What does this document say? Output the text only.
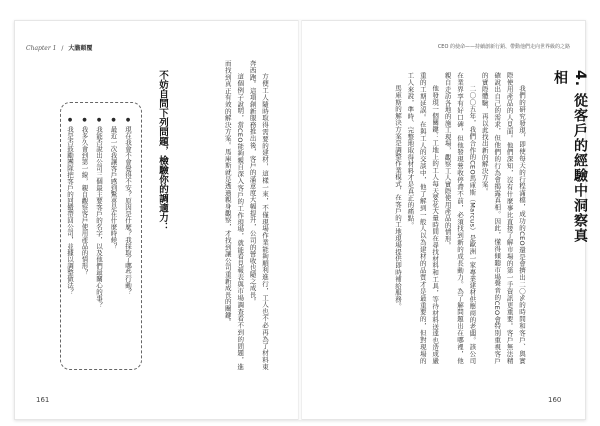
Chapter 1 / 大膽顛覆	CEO 的使命——持續創新行銷、帶動他們走向世界級的之路
4. 從客戶的經驗中洞察真相

我們的研究發現，即使每天的行程滿檔，成功的CEO還是會擠出二〇%的時間和客戶、與實際使用產品的人見面。他們深知，沒有什麼事比直接了解市場的第一手資訊更重要。客戶無法精確說出自己的需求，但他們的行為會揭露真相。因此，懂得傾聽市場聲音的CEO會特別重視客戶的實際體驗，再以此找出新的解決方案。

二〇〇五年，我們合作的CEO馬庫斯（Marcus）是歐洲一家專業建材供應商的老闆。該公司在業界享有好口碑，但他發現營收停滯不前，必須找到新的成長動力。為了解問題出在哪裡，他親自走訪各地的施工現場，觀察工人實際使用產品的情形。

他發現一個關鍵：工地上的工人每天要花大量時間在尋找材料和工具，等待材料送達也造成嚴重的工期延誤。在與工人的交談中，他了解到一般人以為建材的品質才是最重要的，但對現場的工人來說，準時、完整地取得材料才是真正的痛點。

馬庫斯的解決方案是調整作業模式，在客戶的工地現場提供即時補給服務。

方便工人隨時取得需要的建材，這樣一來，不僅現場作業能夠順利進行，工人也不必再為了材料東奔西跑。這項創新服務推出後，客戶的滿意度大幅提升，公司的營收也隨之成長。

這個例子說明，當CEO能夠親自深入客戶的工作現場，就能看見報表與市場調查看不到的問題，進而找到真正有效的解決方案。馬庫斯就是透過親身觀察，才找到讓公司重新成長的關鍵。

不妨自問下列問題，檢驗你的調適力：
● 現在我會不會覺得不安？原因是什麼？我採取了哪些行動？
● 最近一次我讓客戶感到驚喜是在什麼時候？
● 我能否說出公司三個最主要客戶的名字，以及他們最關心的事？
● 我多久會到第一線，親自觀察客戶使用產品的情形？
● 我是否鼓勵團隊把客戶的回饋帶回公司，並據以調整做法？
161	160
